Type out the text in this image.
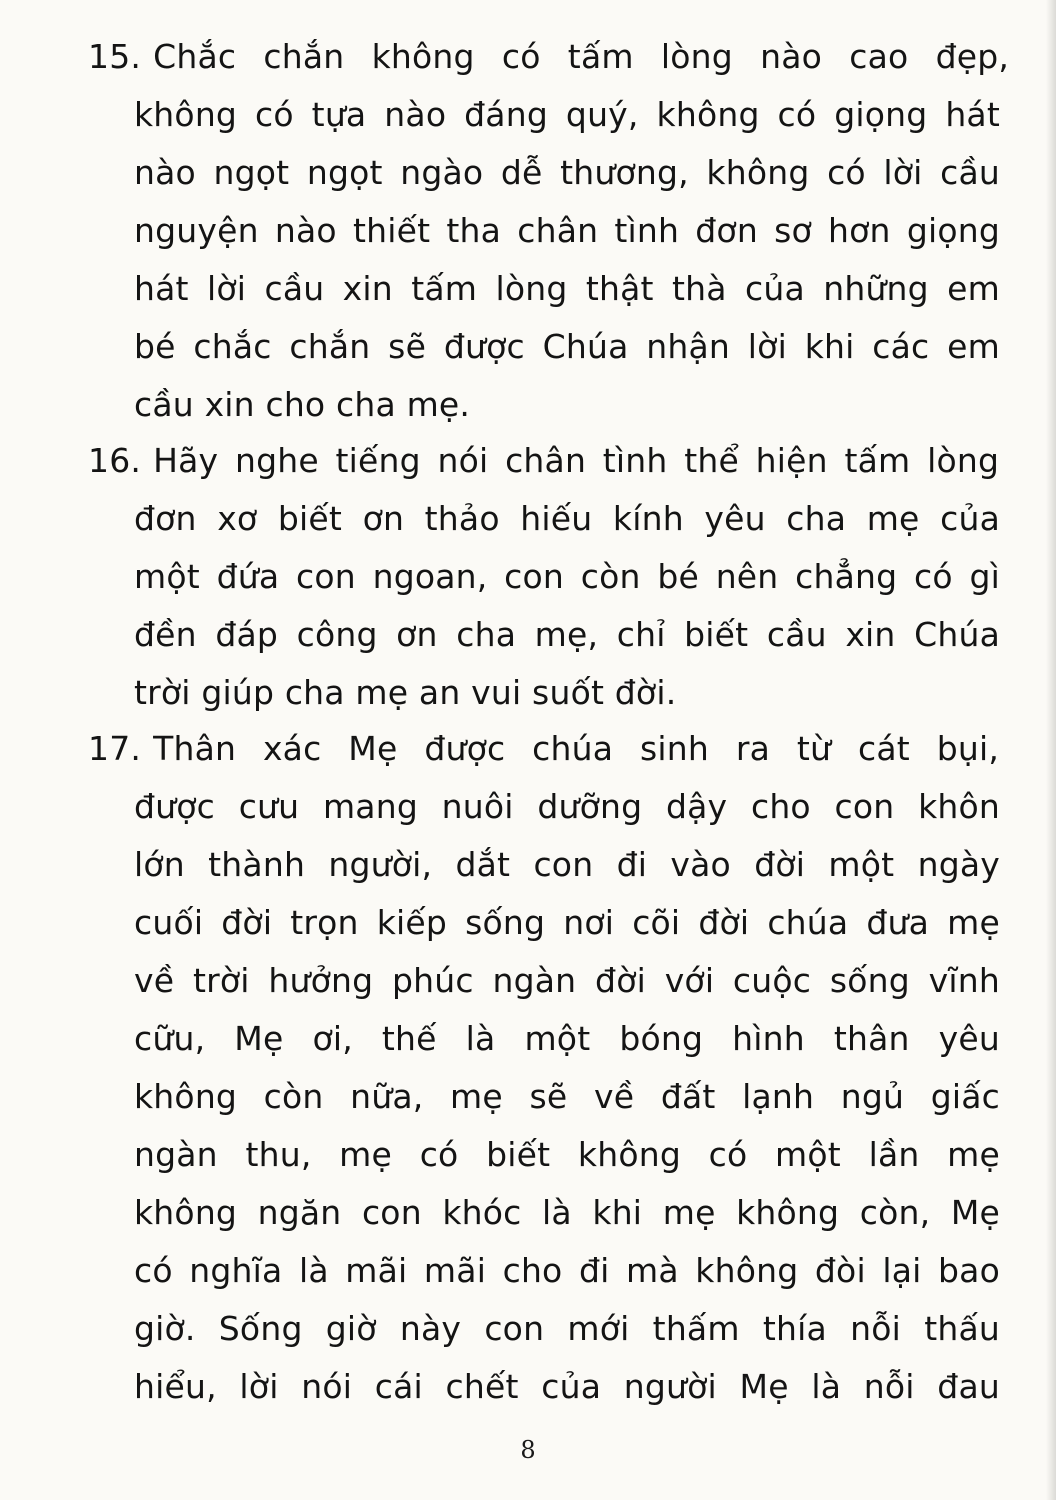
15. Chắc chắn không có tấm lòng nào cao đẹp,
không có tựa nào đáng quý, không có giọng hát
nào ngọt ngọt ngào dễ thương, không có lời cầu
nguyện nào thiết tha chân tình đơn sơ hơn giọng
hát lời cầu xin tấm lòng thật thà của những em
bé chắc chắn sẽ được Chúa nhận lời khi các em
cầu xin cho cha mẹ.
16. Hãy nghe tiếng nói chân tình thể hiện tấm lòng
đơn xơ biết ơn thảo hiếu kính yêu cha mẹ của
một đứa con ngoan, con còn bé nên chẳng có gì
đền đáp công ơn cha mẹ, chỉ biết cầu xin Chúa
trời giúp cha mẹ an vui suốt đời.
17. Thân xác Mẹ được chúa sinh ra từ cát bụi,
được cưu mang nuôi dưỡng dậy cho con khôn
lớn thành người, dắt con đi vào đời một ngày
cuối đời trọn kiếp sống nơi cõi đời chúa đưa mẹ
về trời hưởng phúc ngàn đời với cuộc sống vĩnh
cữu, Mẹ ơi, thế là một bóng hình thân yêu
không còn nữa, mẹ sẽ về đất lạnh ngủ giấc
ngàn thu, mẹ có biết không có một lần mẹ
không ngăn con khóc là khi mẹ không còn, Mẹ
có nghĩa là mãi mãi cho đi mà không đòi lại bao
giờ. Sống giờ này con mới thấm thía nỗi thấu
hiểu, lời nói cái chết của người Mẹ là nỗi đau
8
